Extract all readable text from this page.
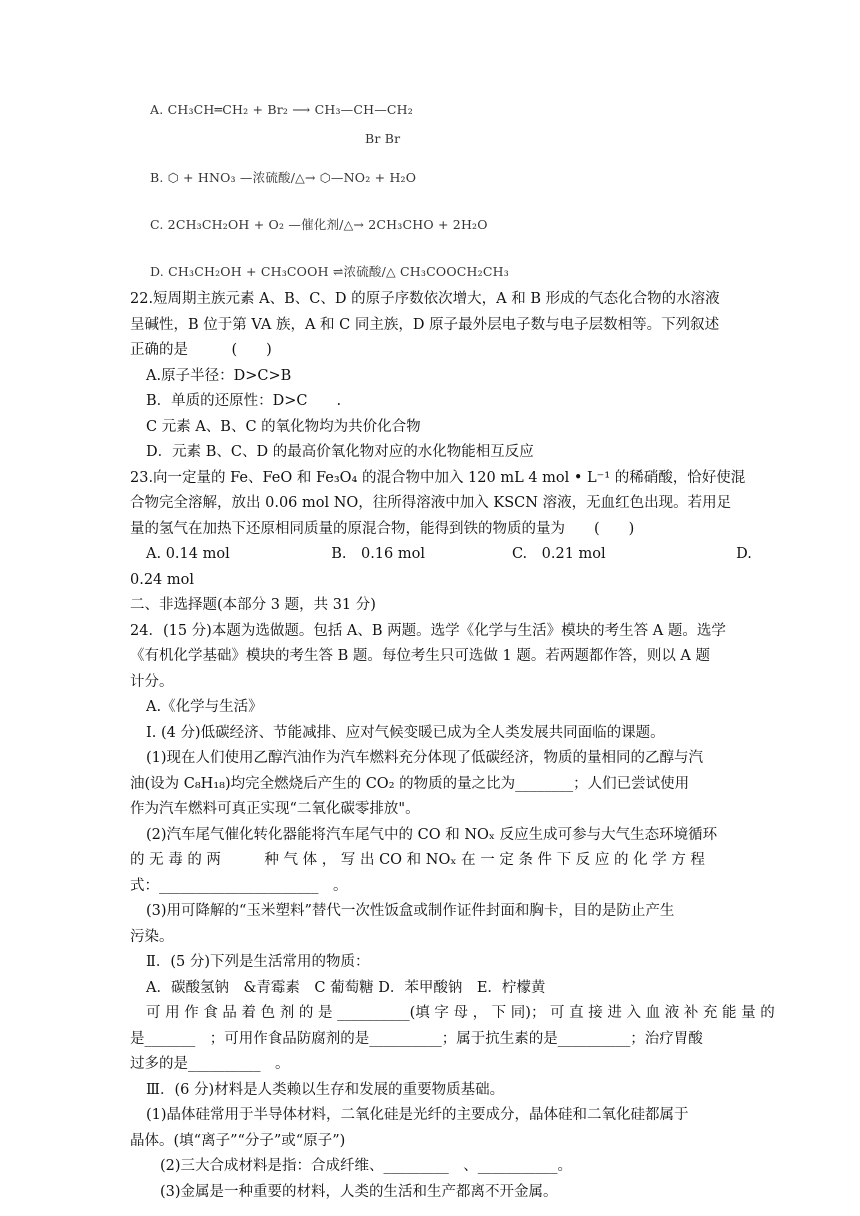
A. CH₃CH═CH₂ + Br₂ ⟶ CH₃—CH—CH₂
Br Br
B. ⬡ + HNO₃ —浓硫酸/△→ ⬡—NO₂ + H₂O
C. 2CH₃CH₂OH + O₂ —催化剂/△→ 2CH₃CHO + 2H₂O
D. CH₃CH₂OH + CH₃COOH ⇌浓硫酸/△ CH₃COOCH₂CH₃
22.短周期主族元素 A、B、C、D 的原子序数依次增大，A 和 B 形成的气态化合物的水溶液
呈碱性，B 位于第 VA 族，A 和 C 同主族，D 原子最外层电子数与电子层数相等。下列叙述
正确的是　　　(　　)
A.原子半径：D>C>B
B．单质的还原性：D>C　　.
C 元素 A、B、C 的氧化物均为共价化合物
D．元素 B、C、D 的最高价氧化物对应的水化物能相互反应
23.向一定量的 Fe、FeO 和 Fe₃O₄ 的混合物中加入 120 mL 4 mol • L⁻¹ 的稀硝酸，恰好使混
合物完全溶解，放出 0.06 mol NO，往所得溶液中加入 KSCN 溶液，无血红色出现。若用足
量的氢气在加热下还原相同质量的原混合物，能得到铁的物质的量为　　(　　)
A. 0.14 mol　　　　　　　B.　0.16 mol　　　　　　C.　0.21 mol　　　　　　　　　D.
0.24 mol
二、非选择题(本部分 3 题，共 31 分)
24．(15 分)本题为选做题。包括 A、B 两题。选学《化学与生活》模块的考生答 A 题。选学
《有机化学基础》模块的考生答 B 题。每位考生只可选做 1 题。若两题都作答，则以 A 题
计分。
A.《化学与生活》
Ⅰ. (4 分)低碳经济、节能减排、应对气候变暖已成为全人类发展共同面临的课题。
(1)现在人们使用乙醇汽油作为汽车燃料充分体现了低碳经济，物质的量相同的乙醇与汽
油(设为 C₈H₁₈)均完全燃烧后产生的 CO₂ 的物质的量之比为________；人们已尝试使用
作为汽车燃料可真正实现“二氧化碳零排放"。
(2)汽车尾气催化转化器能将汽车尾气中的 CO 和 NOₓ 反应生成可参与大气生态环境循环
的 无 毒 的 两　　　种 气 体 ， 写 出 CO 和 NOₓ 在 一 定 条 件 下 反 应 的 化 学 方 程
式：______________________　。
(3)用可降解的“玉米塑料”替代一次性饭盒或制作证件封面和胸卡，目的是防止产生
污染。
Ⅱ．(5 分)下列是生活常用的物质：
A．碳酸氢钠　&青霉素　C 葡萄糖 D．苯甲酸钠　E．柠檬黄
可 用 作 食 品 着 色 剂 的 是 __________(填 字 母 ， 下 同)； 可 直 接 进 入 血 液 补 充 能 量 的
是_______　；可用作食品防腐剂的是__________；属于抗生素的是__________；治疗胃酸
过多的是__________　。
Ⅲ．(6 分)材料是人类赖以生存和发展的重要物质基础。
(1)晶体硅常用于半导体材料，二氧化硅是光纤的主要成分，晶体硅和二氧化硅都属于
晶体。(填“离子”“分子”或“原子”)
(2)三大合成材料是指：合成纤维、_________　、___________。
(3)金属是一种重要的材料，人类的生活和生产都离不开金属。
